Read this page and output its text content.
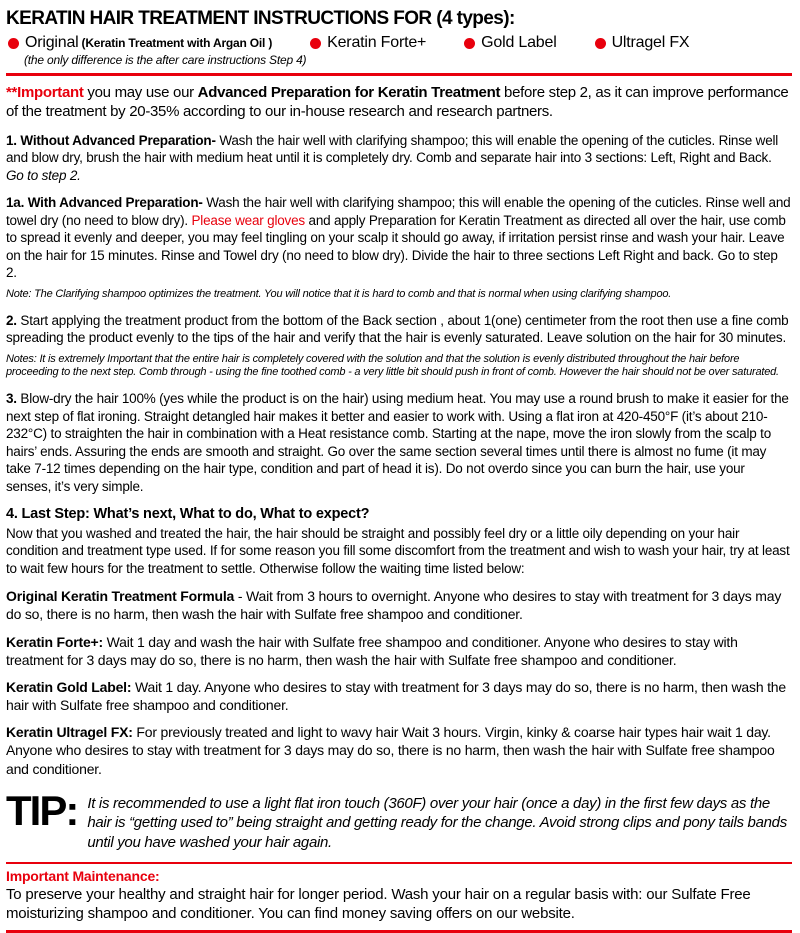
KERATIN HAIR TREATMENT INSTRUCTIONS FOR (4 types):
Original (Keratin Treatment with Argan Oil )	Keratin Forte+	Gold Label	Ultragel FX
(the only difference is the after care instructions Step 4)

**Important you may use our Advanced Preparation for Keratin Treatment before step 2, as it can improve performance of the treatment by 20-35% according to our in-house research and research partners.

1. Without Advanced Preparation- Wash the hair well with clarifying shampoo; this will enable the opening of the cuticles. Rinse well and blow dry, brush the hair with medium heat until it is completely dry. Comb and separate hair into 3 sections: Left, Right and Back. Go to step 2.

1a. With Advanced Preparation- Wash the hair well with clarifying shampoo; this will enable the opening of the cuticles. Rinse well and towel dry (no need to blow dry). Please wear gloves and apply Preparation for Keratin Treatment as directed all over the hair, use comb to spread it evenly and deeper, you may feel tingling on your scalp it should go away, if irritation persist rinse and wash your hair. Leave on the hair for 15 minutes. Rinse and Towel dry (no need to blow dry). Divide the hair to three sections Left Right and back. Go to step 2.

Note: The Clarifying shampoo optimizes the treatment. You will notice that it is hard to comb and that is normal when using clarifying shampoo.

2. Start applying the treatment product from the bottom of the Back section , about 1(one) centimeter from the root then use a fine comb spreading the product evenly to the tips of the hair and verify that the hair is evenly saturated. Leave solution on the hair for 30 minutes.

Notes: It is extremely Important that the entire hair is completely covered with the solution and that the solution is evenly distributed throughout the hair before proceeding to the next step. Comb through - using the fine toothed comb - a very little bit should push in front of comb. However the hair should not be over saturated.

3. Blow-dry the hair 100% (yes while the product is on the hair) using medium heat. You may use a round brush to make it easier for the next step of flat ironing. Straight detangled hair makes it better and easier to work with. Using a flat iron at 420-450°F (it’s about 210-232°C) to straighten the hair in combination with a Heat resistance comb. Starting at the nape, move the iron slowly from the scalp to hairs’ ends. Assuring the ends are smooth and straight. Go over the same section several times until there is almost no fume (it may take 7-12 times depending on the hair type, condition and part of head it is). Do not overdo since you can burn the hair, use your senses, it’s very simple.

4. Last Step: What’s next, What to do, What to expect?

Now that you washed and treated the hair, the hair should be straight and possibly feel dry or a little oily depending on your hair condition and treatment type used. If for some reason you fill some discomfort from the treatment and wish to wash your hair, try at least to wait few hours for the treatment to settle. Otherwise follow the waiting time listed below:

Original Keratin Treatment Formula - Wait from 3 hours to overnight. Anyone who desires to stay with treatment for 3 days may do so, there is no harm, then wash the hair with Sulfate free shampoo and conditioner.

Keratin Forte+: Wait 1 day and wash the hair with Sulfate free shampoo and conditioner. Anyone who desires to stay with treatment for 3 days may do so, there is no harm, then wash the hair with Sulfate free shampoo and conditioner.

Keratin Gold Label: Wait 1 day. Anyone who desires to stay with treatment for 3 days may do so, there is no harm, then wash the hair with Sulfate free shampoo and conditioner.

Keratin Ultragel FX: For previously treated and light to wavy hair Wait 3 hours. Virgin, kinky & coarse hair types hair wait 1 day. Anyone who desires to stay with treatment for 3 days may do so, there is no harm, then wash the hair with Sulfate free shampoo and conditioner.

TIP: It is recommended to use a light flat iron touch (360F) over your hair (once a day) in the first few days as the hair is “getting used to” being straight and getting ready for the change. Avoid strong clips and pony tails bands until you have washed your hair again.
Important Maintenance:

To preserve your healthy and straight hair for longer period. Wash your hair on a regular basis with: our Sulfate Free moisturizing shampoo and conditioner. You can find money saving offers on our website.
